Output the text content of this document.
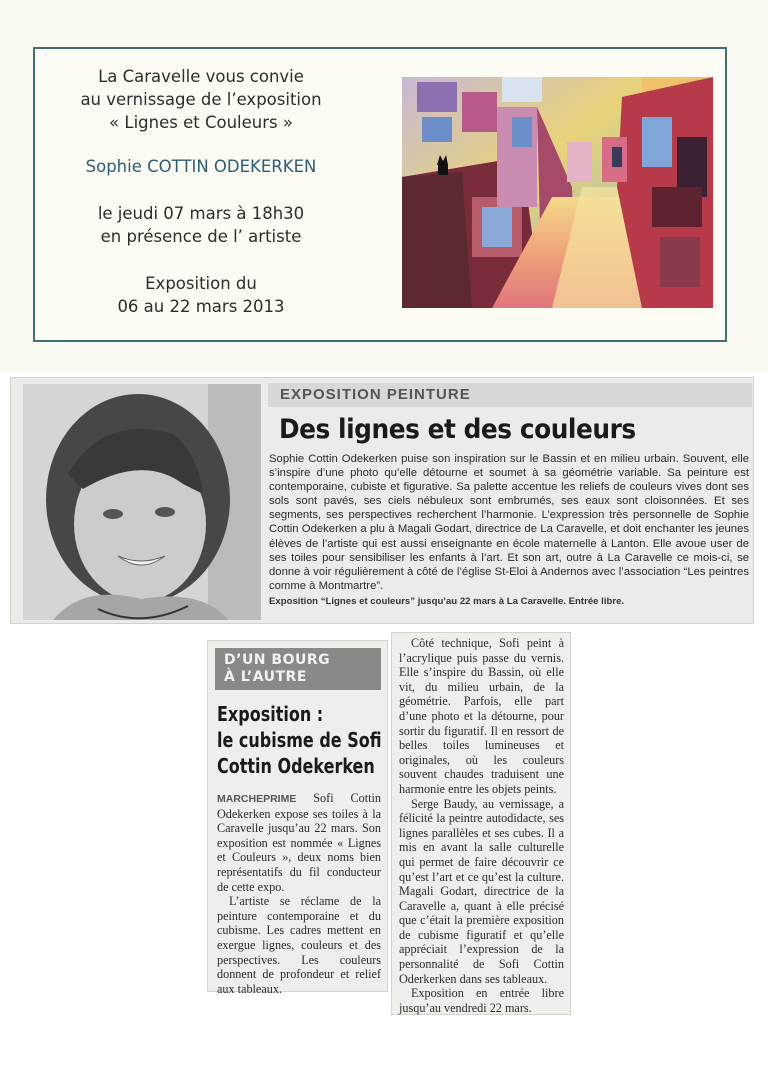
La Caravelle vous convie
au vernissage de l’exposition
« Lignes et Couleurs »
Sophie COTTIN ODEKERKEN
le jeudi 07 mars à 18h30
en présence de l’ artiste
Exposition du
06 au 22 mars 2013
EXPOSITION PEINTURE
Des lignes et des couleurs
Sophie Cottin Odekerken puise son inspiration sur le Bassin et en milieu urbain. Souvent, elle s’inspire d’une photo qu’elle détourne et soumet à sa géométrie variable. Sa peinture est contemporaine, cubiste et figurative. Sa palette accentue les reliefs de couleurs vives dont ses sols sont pavés, ses ciels nébuleux sont embrumés, ses eaux sont cloisonnées. Et ses segments, ses perspectives recherchent l’harmonie. L’expression très personnelle de Sophie Cottin Odekerken a plu à Magali Godart, directrice de La Caravelle, et doit enchanter les jeunes élèves de l’artiste qui est aussi enseignante en école maternelle à Lanton. Elle avoue user de ses toiles pour sensibiliser les enfants à l’art. Et son art, outre à La Caravelle ce mois-ci, se donne à voir régulièrement à côté de l’église St-Eloi à Andernos avec l’association “Les peintres comme à Montmartre”.
Exposition “Lignes et couleurs” jusqu’au 22 mars à La Caravelle. Entrée libre.
D’UN BOURG
À L’AUTRE
Exposition :
le cubisme de Sofi
Cottin Odekerken

MARCHEPRIME Sofi Cottin Odekerken expose ses toiles à la Caravelle jusqu’au 22 mars. Son exposition est nommée « Lignes et Couleurs », deux noms bien représentatifs du fil conducteur de cette expo.

L’artiste se réclame de la peinture contemporaine et du cubisme. Les cadres mettent en exergue lignes, couleurs et des perspectives. Les couleurs donnent de profondeur et relief aux tableaux.

Côté technique, Sofi peint à l’acrylique puis passe du vernis. Elle s’inspire du Bassin, où elle vit, du milieu urbain, de la géométrie. Parfois, elle part d’une photo et la détourne, pour sortir du figuratif. Il en ressort de belles toiles lumineuses et originales, où les couleurs souvent chaudes traduisent une harmonie entre les objets peints.

Serge Baudy, au vernissage, a félicité la peintre autodidacte, ses lignes parallèles et ses cubes. Il a mis en avant la salle culturelle qui permet de faire découvrir ce qu’est l’art et ce qu’est la culture. Magali Godart, directrice de la Caravelle a, quant à elle précisé que c’était la première exposition de cubisme figuratif et qu’elle appréciait l’expression de la personnalité de Sofi Cottin Oderkerken dans ses tableaux.

Exposition en entrée libre jusqu’au vendredi 22 mars.
